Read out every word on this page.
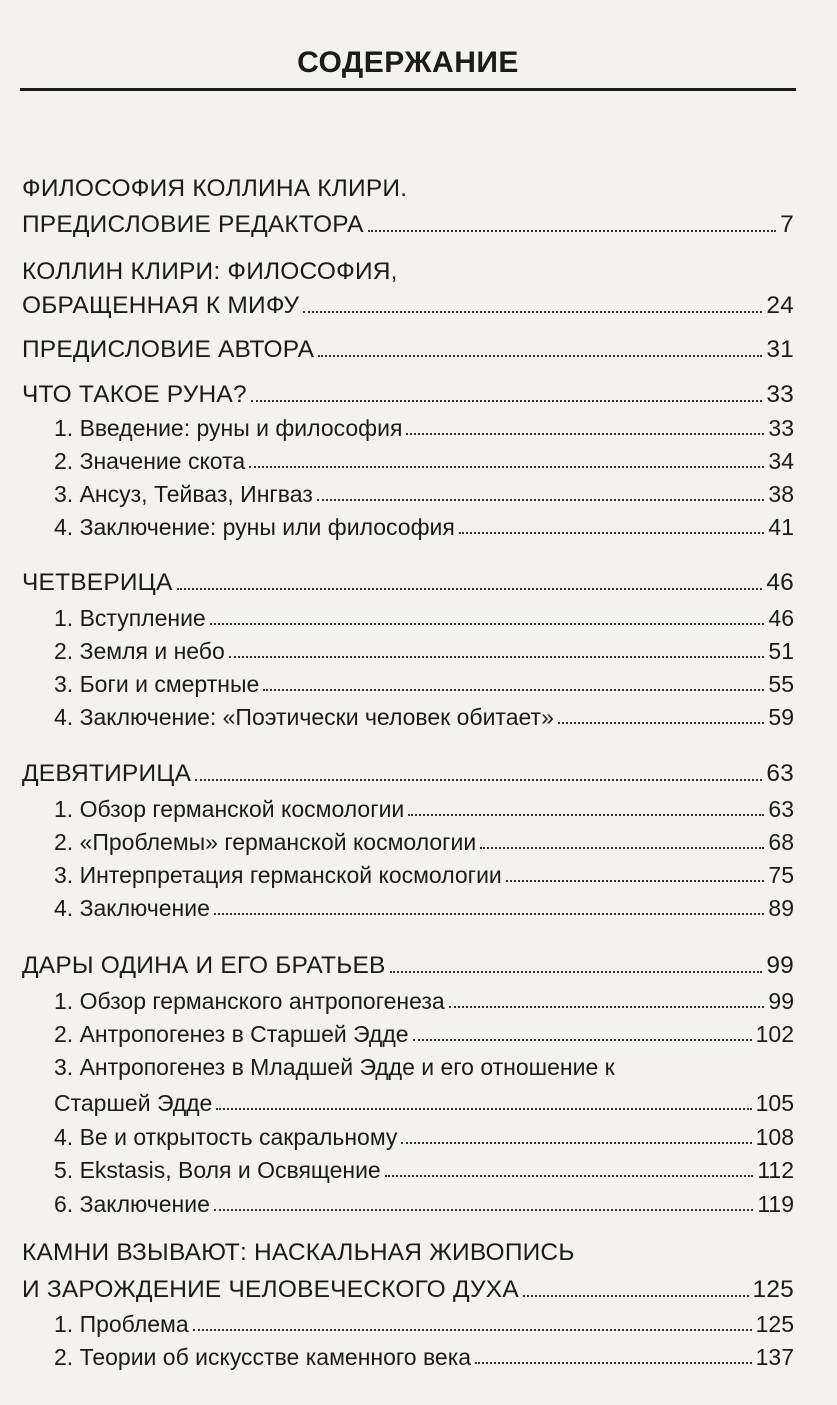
СОДЕРЖАНИЕ
ФИЛОСОФИЯ КОЛЛИНА КЛИРИ.
ПРЕДИСЛОВИЕ РЕДАКТОРА	7
КОЛЛИН КЛИРИ: ФИЛОСОФИЯ,
ОБРАЩЕННАЯ К МИФУ	24
ПРЕДИСЛОВИЕ АВТОРА	31
ЧТО ТАКОЕ РУНА?	33
1. Введение: руны и философия	33
2. Значение скота	34
3. Ансуз, Тейваз, Ингваз	38
4. Заключение: руны или философия	41
ЧЕТВЕРИЦА	46
1. Вступление	46
2. Земля и небо	51
3. Боги и смертные	55
4. Заключение: «Поэтически человек обитает»	59
ДЕВЯТИРИЦА	63
1. Обзор германской космологии	63
2. «Проблемы» германской космологии	68
3. Интерпретация германской космологии	75
4. Заключение	89
ДАРЫ ОДИНА И ЕГО БРАТЬЕВ	99
1. Обзор германского антропогенеза	99
2. Антропогенез в Старшей Эдде	102
3. Антропогенез в Младшей Эдде и его отношение к
Старшей Эдде	105
4. Ве и открытость сакральному	108
5. Ekstasis, Воля и Освящение	112
6. Заключение	119
КАМНИ ВЗЫВАЮТ: НАСКАЛЬНАЯ ЖИВОПИСЬ
И ЗАРОЖДЕНИЕ ЧЕЛОВЕЧЕСКОГО ДУХА	125
1. Проблема	125
2. Теории об искусстве каменного века	137
